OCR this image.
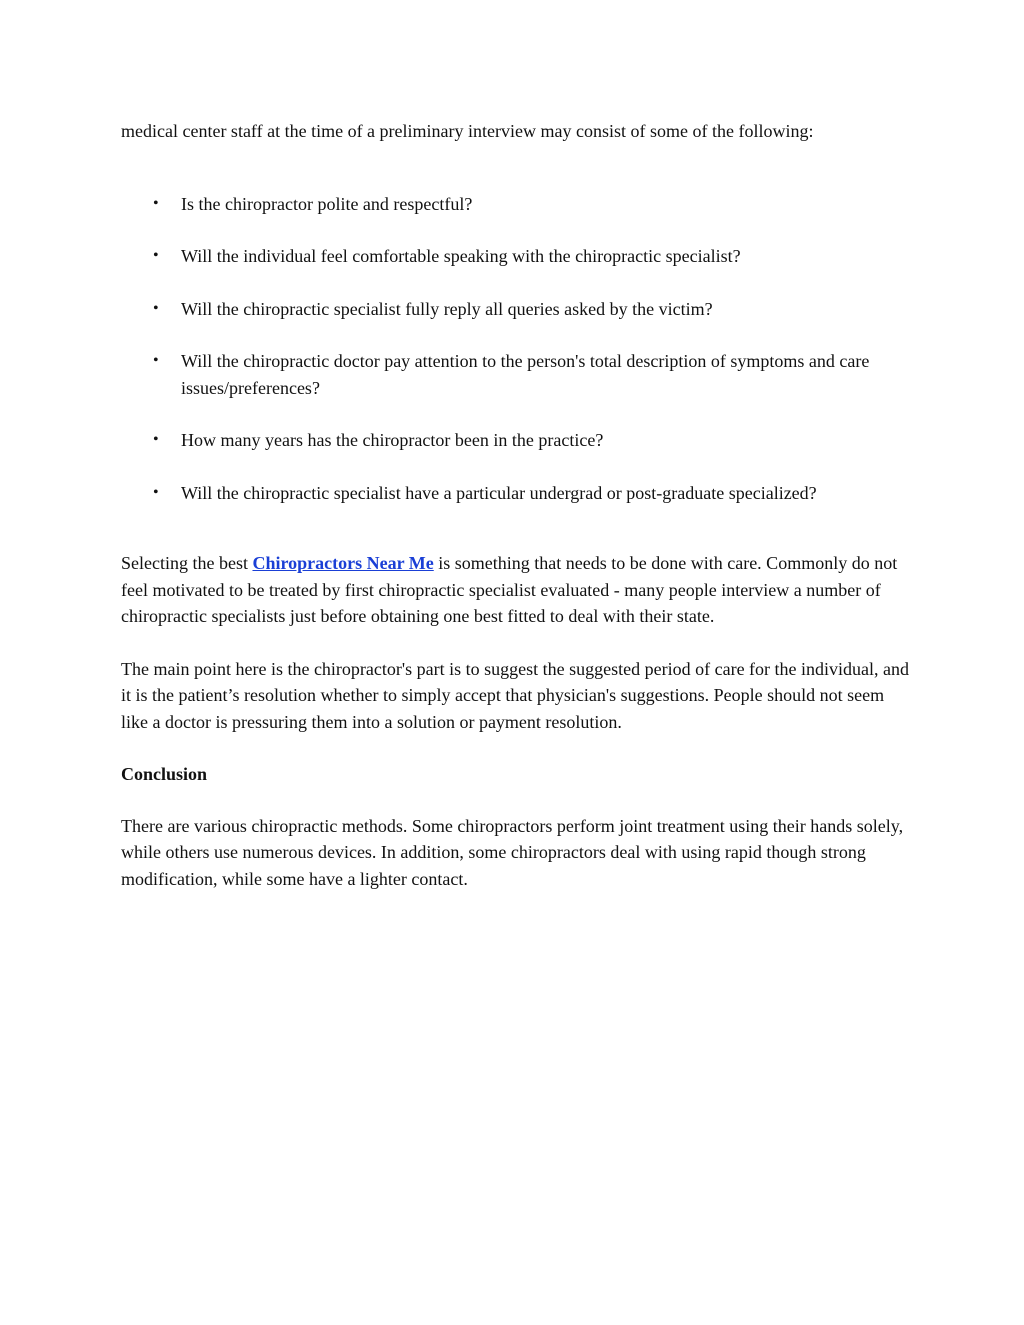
medical center staff at the time of a preliminary interview may consist of some of the following:

• Is the chiropractor polite and respectful?
• Will the individual feel comfortable speaking with the chiropractic specialist?
• Will the chiropractic specialist fully reply all queries asked by the victim?
• Will the chiropractic doctor pay attention to the person's total description of symptoms and care issues/preferences?
• How many years has the chiropractor been in the practice?
• Will the chiropractic specialist have a particular undergrad or post-graduate specialized?

Selecting the best Chiropractors Near Me is something that needs to be done with care. Commonly do not feel motivated to be treated by first chiropractic specialist evaluated - many people interview a number of chiropractic specialists just before obtaining one best fitted to deal with their state.

The main point here is the chiropractor's part is to suggest the suggested period of care for the individual, and it is the patient’s resolution whether to simply accept that physician's suggestions. People should not seem like a doctor is pressuring them into a solution or payment resolution.

Conclusion

There are various chiropractic methods. Some chiropractors perform joint treatment using their hands solely, while others use numerous devices. In addition, some chiropractors deal with using rapid though strong modification, while some have a lighter contact.
